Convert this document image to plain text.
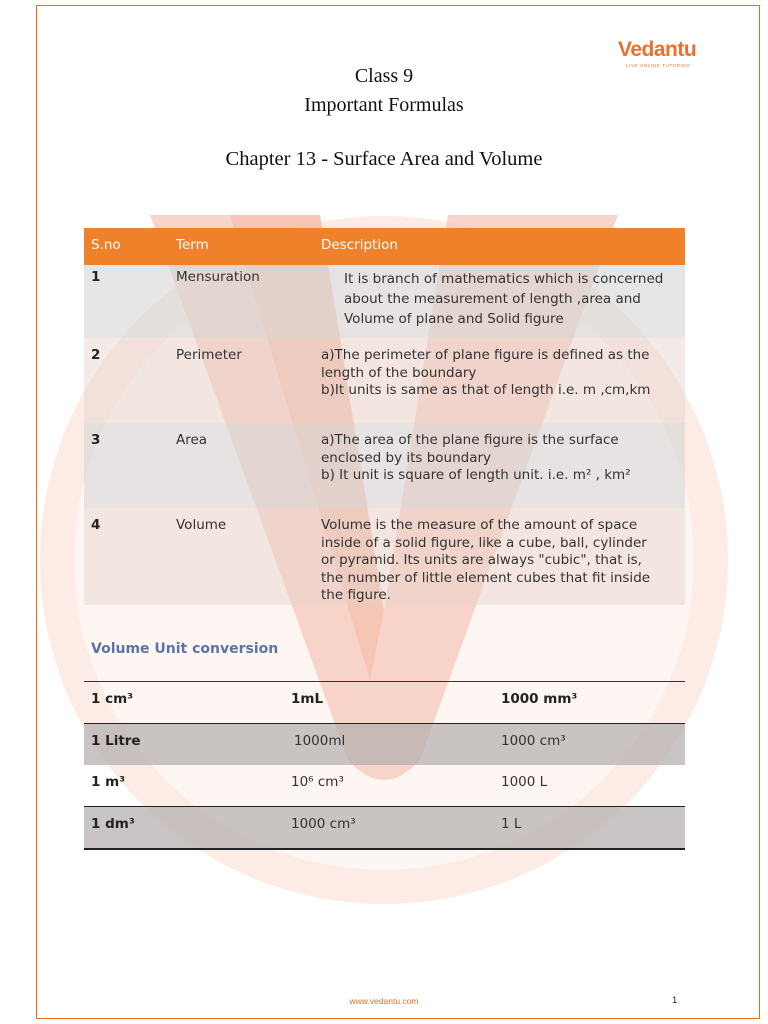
Vedantu
LIVE ONLINE TUTORING
Class 9
Important Formulas
Chapter 13 - Surface Area and Volume
S.no	Term	Description
1	Mensuration	It is branch of mathematics which is concerned
about the measurement of length ,area and
Volume of plane and Solid figure

2	Perimeter	a)The perimeter of plane figure is defined as the
length of the boundary
b)It units is same as that of length i.e. m ,cm,km

3	Area	a)The area of the plane figure is the surface
enclosed by its boundary
b) It unit is square of length unit. i.e. m² , km²

4	Volume	Volume is the measure of the amount of space
inside of a solid figure, like a cube, ball, cylinder
or pyramid. Its units are always "cubic", that is,
the number of little element cubes that fit inside
the figure.
Volume Unit conversion
1 cm³	1mL	1000 mm³
1 Litre	1000ml	1000 cm³
1 m³	10⁶ cm³	1000 L
1 dm³	1000 cm³	1 L
www.vedantu.com	1
